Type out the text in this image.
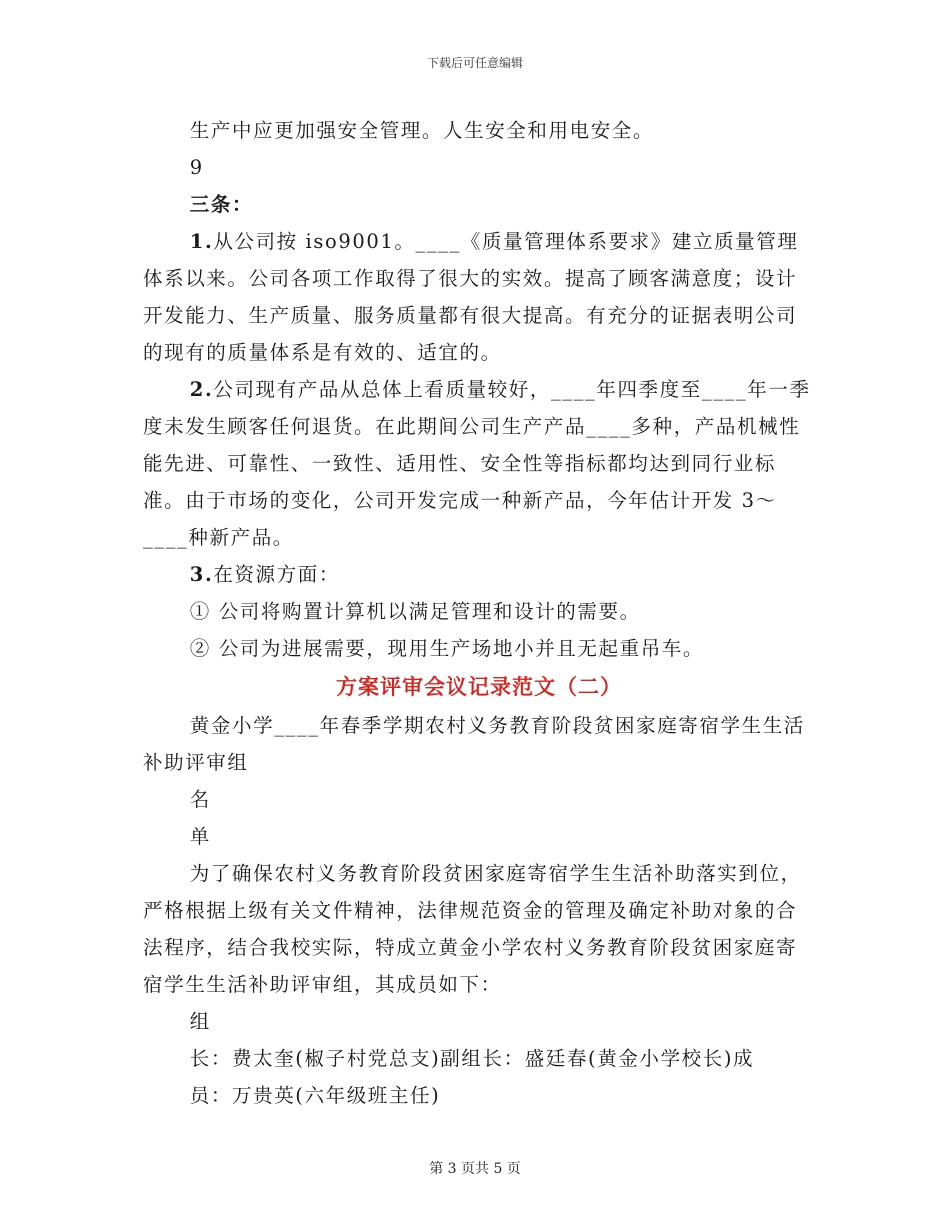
下载后可任意编辑

生产中应更加强安全管理。人生安全和用电安全。

9

三条：

1.从公司按 iso9001。____《质量管理体系要求》建立质量管理体系以来。公司各项工作取得了很大的实效。提高了顾客满意度；设计开发能力、生产质量、服务质量都有很大提高。有充分的证据表明公司的现有的质量体系是有效的、适宜的。

2.公司现有产品从总体上看质量较好，____年四季度至____年一季度未发生顾客任何退货。在此期间公司生产产品____多种，产品机械性能先进、可靠性、一致性、适用性、安全性等指标都均达到同行业标准。由于市场的变化，公司开发完成一种新产品，今年估计开发 3～____种新产品。

3.在资源方面：

① 公司将购置计算机以满足管理和设计的需要。

② 公司为进展需要，现用生产场地小并且无起重吊车。

方案评审会议记录范文（二）

黄金小学____年春季学期农村义务教育阶段贫困家庭寄宿学生生活补助评审组

名

单

为了确保农村义务教育阶段贫困家庭寄宿学生生活补助落实到位，严格根据上级有关文件精神，法律规范资金的管理及确定补助对象的合法程序，结合我校实际，特成立黄金小学农村义务教育阶段贫困家庭寄宿学生生活补助评审组，其成员如下：

组

长：费太奎(椒子村党总支)副组长：盛廷春(黄金小学校长)成

员：万贵英(六年级班主任)

第 3 页共 5 页
